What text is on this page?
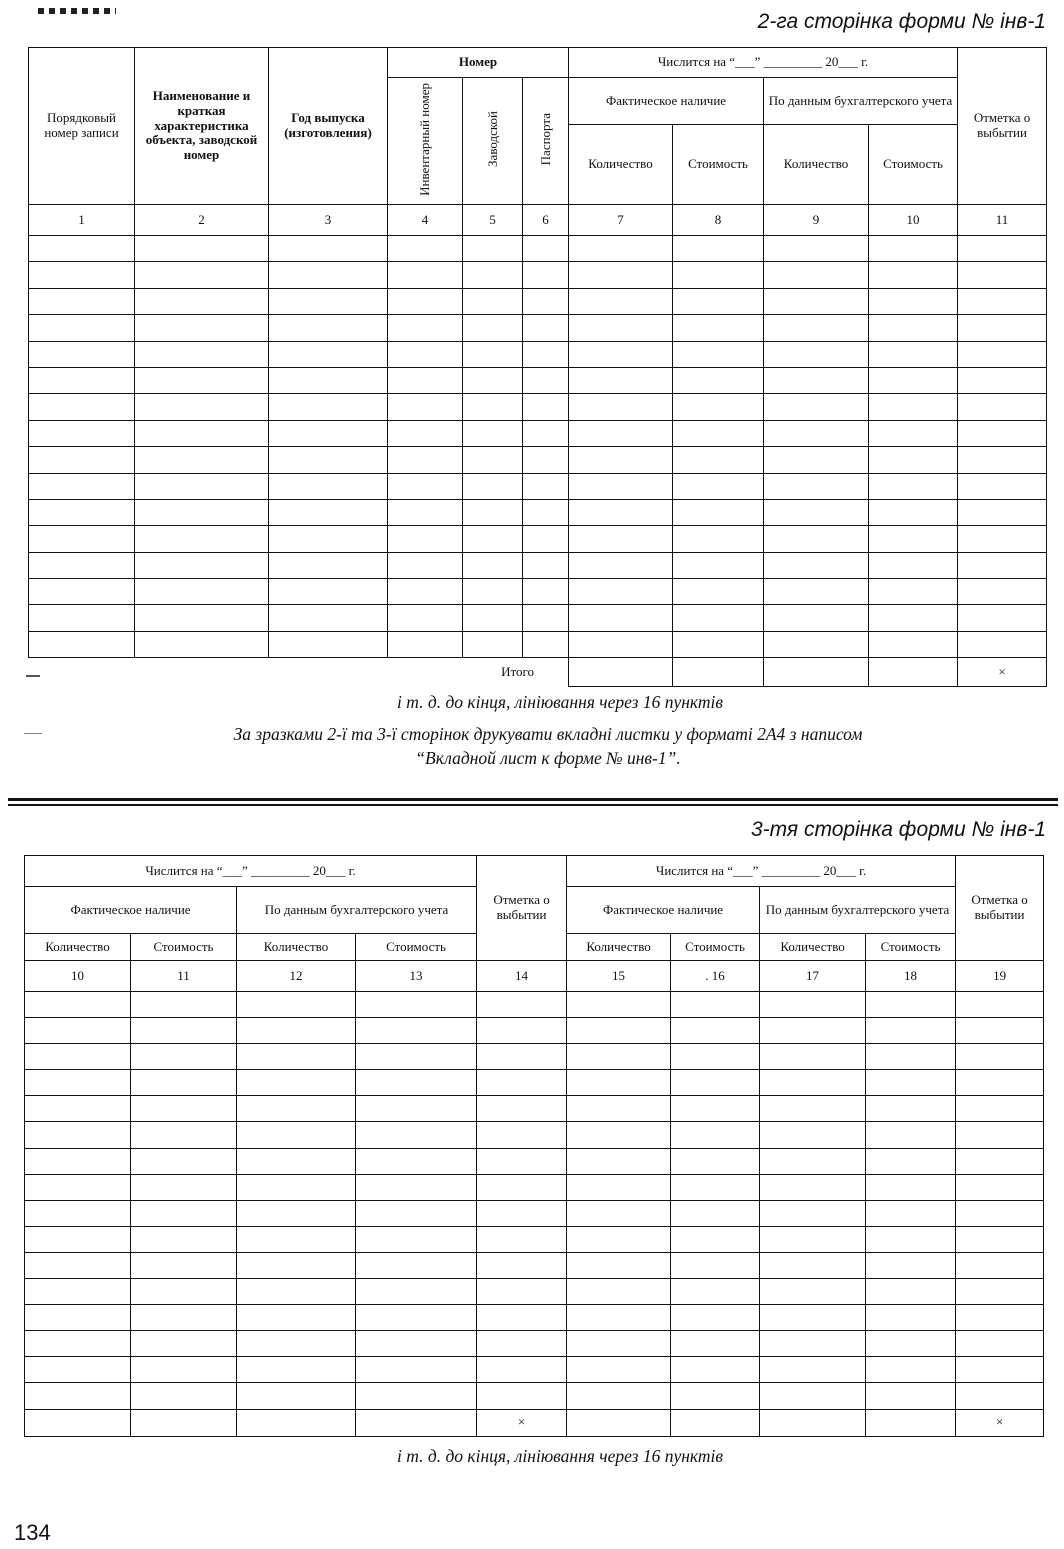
2-га сторінка форми № інв-1
Порядковый номер записи	Наименование и краткая характеристика объекта, заводской номер	Год выпуска (изготовления)	Номер			Числится на “___” _________ 20___ г.				Отметка о выбытии
			Инвентарный номер	Заводской	Паспорта	Фактическое наличие		По данным бухгалтерского учета		
						Количество	Стоимость	Количество	Стоимость	
1	2	3	4	5	6	7	8	9	10	11

Итого										×
і т. д. до кінця, лініювання через 16 пунктів
За зразками 2-ї та 3-ї сторінок друкувати вкладні листки у форматі 2А4 з написом
“Вкладной лист к форме № инв-1”.
3-тя сторінка форми № інв-1
Числится на “___” _________ 20___ г.				Отметка о выбытии	Числится на “___” _________ 20___ г.				Отметка о выбытии
Фактическое наличие		По данным бухгалтерского учета			Фактическое наличие		По данным бухгалтерского учета		
Количество	Стоимость	Количество	Стоимость		Количество	Стоимость	Количество	Стоимость	
10	11	12	13	14	15	. 16	17	18	19

				×					×
і т. д. до кінця, лініювання через 16 пунктів
134
